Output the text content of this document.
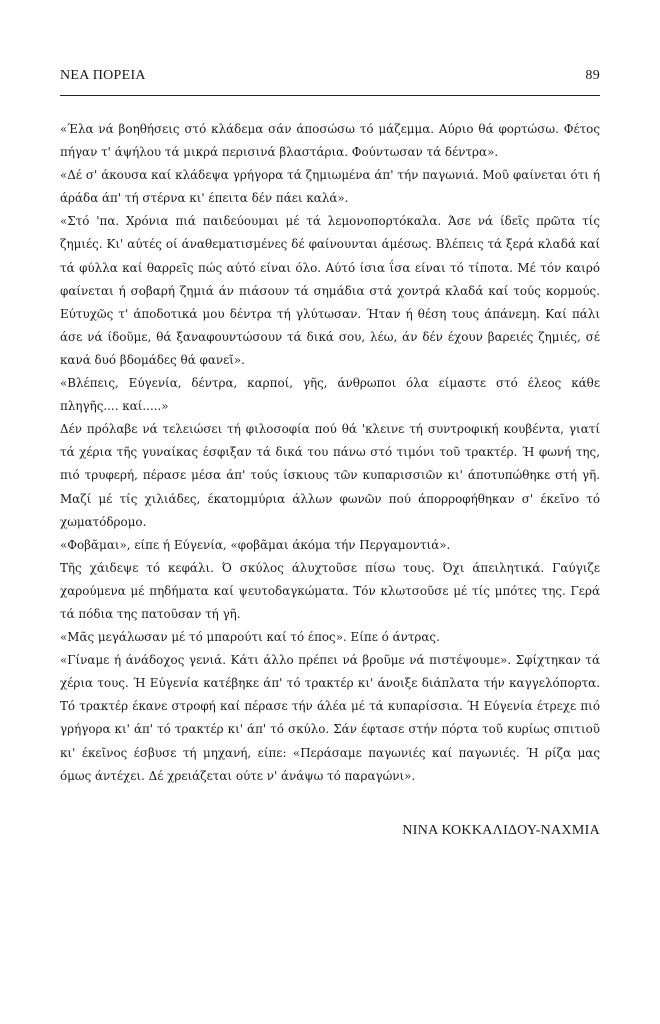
ΝΕΑ ΠΟΡΕΙΑ	89

«Έλα νά βοηθήσεις στό κλάδεμα σάν άποσώσω τό μάζεμμα. Αύριο θά φορτώσω. Φέτος πήγαν τ' άψήλου τά μικρά περισινά βλαστάρια. Φούντωσαν τά δέντρα».

«Δέ σ' άκουσα καί κλάδεψα γρήγορα τά ζημιωμένα άπ' τήν παγωνιά. Μοῦ φαίνεται ότι ή άράδα άπ' τή στέρνα κι' έπειτα δέν πάει καλά».

«Στό 'πα. Χρόνια πιά παιδεύουμαι μέ τά λεμονοπορτόκαλα. Άσε νά ίδεῖς πρῶτα τίς ζημιές. Κι' αύτές οί άναθεματισμένες δέ φαίνουνται άμέσως. Βλέπεις τά ξερά κλαδά καί τά φύλλα καί θαρρεῖς πώς αύτό είναι όλο. Αύτό ίσια ΐσα είναι τό τίποτα. Μέ τόν καιρό φαίνεται ή σοβαρή ζημιά άν πιάσουν τά σημάδια στά χοντρά κλαδά καί τούς κορμούς. Εύτυχῶς τ' άποδοτικά μου δέντρα τή γλύτωσαν. Ήταν ή θέση τους άπάνεμη. Καί πάλι άσε νά ίδοῦμε, θά ξαναφουντώσουν τά δικά σου, λέω, άν δέν έχουν βαρειές ζημιές, σέ κανά δυό βδομάδες θά φανεῖ».

«Βλέπεις, Εύγενία, δέντρα, καρποί, γῆς, άνθρωποι όλα είμαστε στό έλεος κάθε πληγῆς.... καί.....»

Δέν πρόλαβε νά τελειώσει τή φιλοσοφία πού θά 'κλεινε τή συντροφική κουβέντα, γιατί τά χέρια τῆς γυναίκας έσφιξαν τά δικά του πάνω στό τιμόνι τοῦ τρακτέρ. Ή φωνή της, πιό τρυφερή, πέρασε μέσα άπ' τούς ίσκιους τῶν κυπαρισσιῶν κι' άποτυπώθηκε στή γῆ. Μαζί μέ τίς χιλιάδες, έκατομμύρια άλλων φωνῶν πού άπορροφήθηκαν σ' έκεῖνο τό χωματόδρομο.

«Φοβᾶμαι», είπε ή Εύγενία, «φοβᾶμαι άκόμα τήν Περγαμοντιά».

Τῆς χάιδεψε τό κεφάλι. Ό σκύλος άλυχτοῦσε πίσω τους. Όχι άπειλητικά. Γαύγιζε χαρούμενα μέ πηδήματα καί ψευτοδαγκώματα. Τόν κλωτσοῦσε μέ τίς μπότες της. Γερά τά πόδια της πατοῦσαν τή γῆ.

«Μᾶς μεγάλωσαν μέ τό μπαρούτι καί τό έπος». Είπε ό άντρας.

«Γίναμε ή άνάδοχος γενιά. Κάτι άλλο πρέπει νά βροῦμε νά πιστέψουμε». Σφίχτηκαν τά χέρια τους. Ή Εύγενία κατέβηκε άπ' τό τρακτέρ κι' άνοιξε διάπλατα τήν καγγελόπορτα. Τό τρακτέρ έκανε στροφή καί πέρασε τήν άλέα μέ τά κυπαρίσσια. Ή Εύγενία έτρεχε πιό γρήγορα κι' άπ' τό τρακτέρ κι' άπ' τό σκύλο. Σάν έφτασε στήν πόρτα τοῦ κυρίως σπιτιοῦ κι' έκεῖνος έσβυσε τή μηχανή, είπε: «Περάσαμε παγωνιές καί παγωνιές. Ή ρίζα μας όμως άντέχει. Δέ χρειάζεται ούτε ν' άνάψω τό παραγώνι».

ΝΙΝΑ ΚΟΚΚΑΛΙΔΟΥ-ΝΑΧΜΙΑ
